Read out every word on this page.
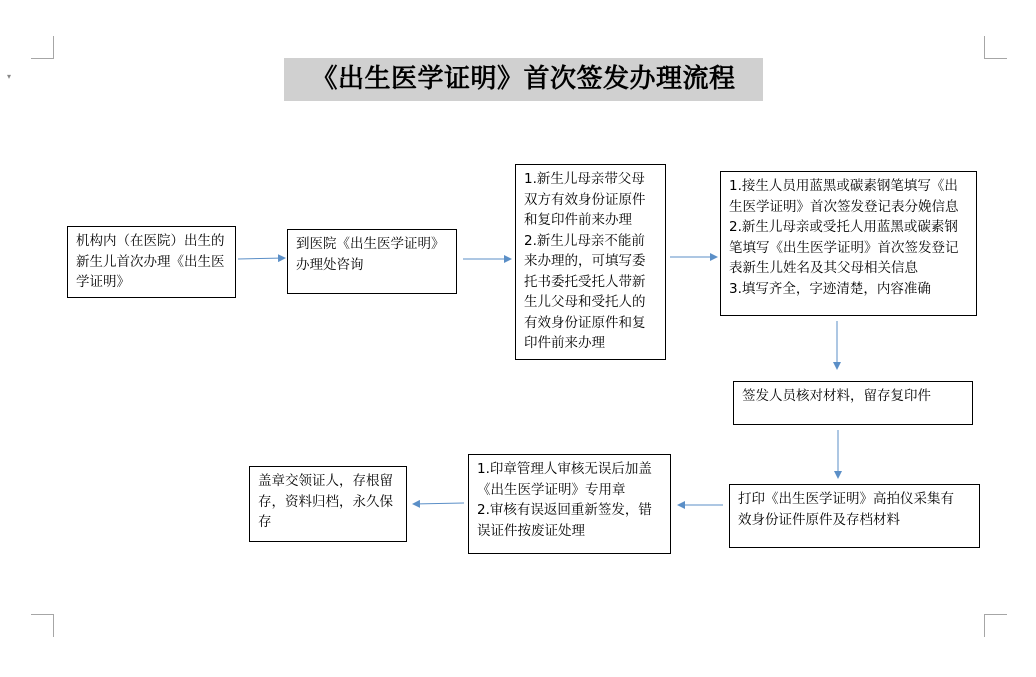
▾	《出生医学证明》首次签发办理流程
机构内（在医院）出生的
新生儿首次办理《出生医
学证明》
到医院《出生医学证明》
办理处咨询
1.新生儿母亲带父母
双方有效身份证原件
和复印件前来办理
2.新生儿母亲不能前
来办理的，可填写委
托书委托受托人带新
生儿父母和受托人的
有效身份证原件和复
印件前来办理
1.接生人员用蓝黑或碳素钢笔填写《出
生医学证明》首次签发登记表分娩信息
2.新生儿母亲或受托人用蓝黑或碳素钢
笔填写《出生医学证明》首次签发登记
表新生儿姓名及其父母相关信息
3.填写齐全，字迹清楚，内容准确
签发人员核对材料，留存复印件
打印《出生医学证明》高拍仪采集有
效身份证件原件及存档材料
1.印章管理人审核无误后加盖
《出生医学证明》专用章
2.审核有误返回重新签发，错
误证件按废证处理
盖章交领证人，存根留
存，资料归档，永久保
存
